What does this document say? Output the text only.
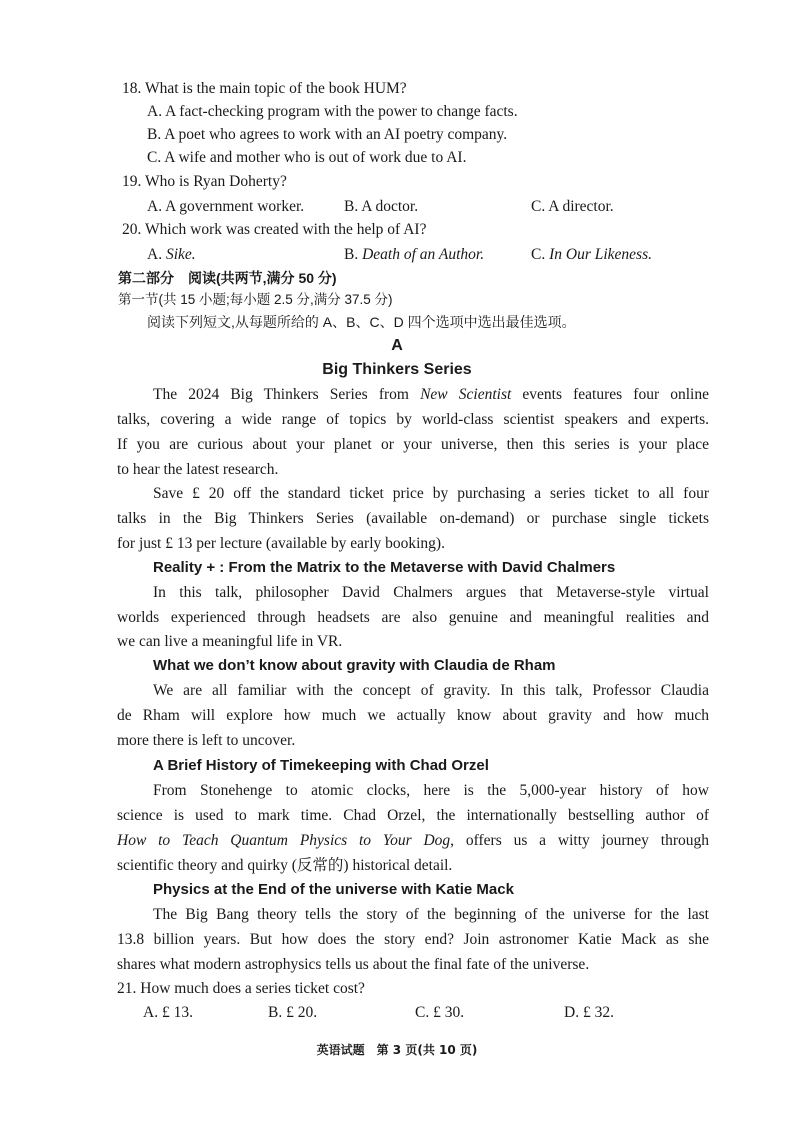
18. What is the main topic of the book HUM?
A. A fact-checking program with the power to change facts.
B. A poet who agrees to work with an AI poetry company.
C. A wife and mother who is out of work due to AI.
19. Who is Ryan Doherty?
A. A government worker.	B. A doctor.	C. A director.
20. Which work was created with the help of AI?
A. Sike.	B. Death of an Author.	C. In Our Likeness.
第二部分　阅读(共两节,满分 50 分)
第一节(共 15 小题;每小题 2.5 分,满分 37.5 分)
阅读下列短文,从每题所给的 A、B、C、D 四个选项中选出最佳选项。
A
Big Thinkers Series
The 2024 Big Thinkers Series from New Scientist events features four online
talks, covering a wide range of topics by world-class scientist speakers and experts.
If you are curious about your planet or your universe, then this series is your place
to hear the latest research.
Save £ 20 off the standard ticket price by purchasing a series ticket to all four
talks in the Big Thinkers Series (available on-demand) or purchase single tickets
for just £ 13 per lecture (available by early booking).
Reality + : From the Matrix to the Metaverse with David Chalmers
In this talk, philosopher David Chalmers argues that Metaverse-style virtual
worlds experienced through headsets are also genuine and meaningful realities and
we can live a meaningful life in VR.
What we don’t know about gravity with Claudia de Rham
We are all familiar with the concept of gravity. In this talk, Professor Claudia
de Rham will explore how much we actually know about gravity and how much
more there is left to uncover.
A Brief History of Timekeeping with Chad Orzel
From Stonehenge to atomic clocks, here is the 5,000-year history of how
science is used to mark time. Chad Orzel, the internationally bestselling author of
How to Teach Quantum Physics to Your Dog, offers us a witty journey through
scientific theory and quirky (反常的) historical detail.
Physics at the End of the universe with Katie Mack
The Big Bang theory tells the story of the beginning of the universe for the last
13.8 billion years. But how does the story end? Join astronomer Katie Mack as she
shares what modern astrophysics tells us about the final fate of the universe.
21. How much does a series ticket cost?
A. £ 13.	B. £ 20.	C. £ 30.	D. £ 32.
英语试题　第 3 页(共 10 页)
